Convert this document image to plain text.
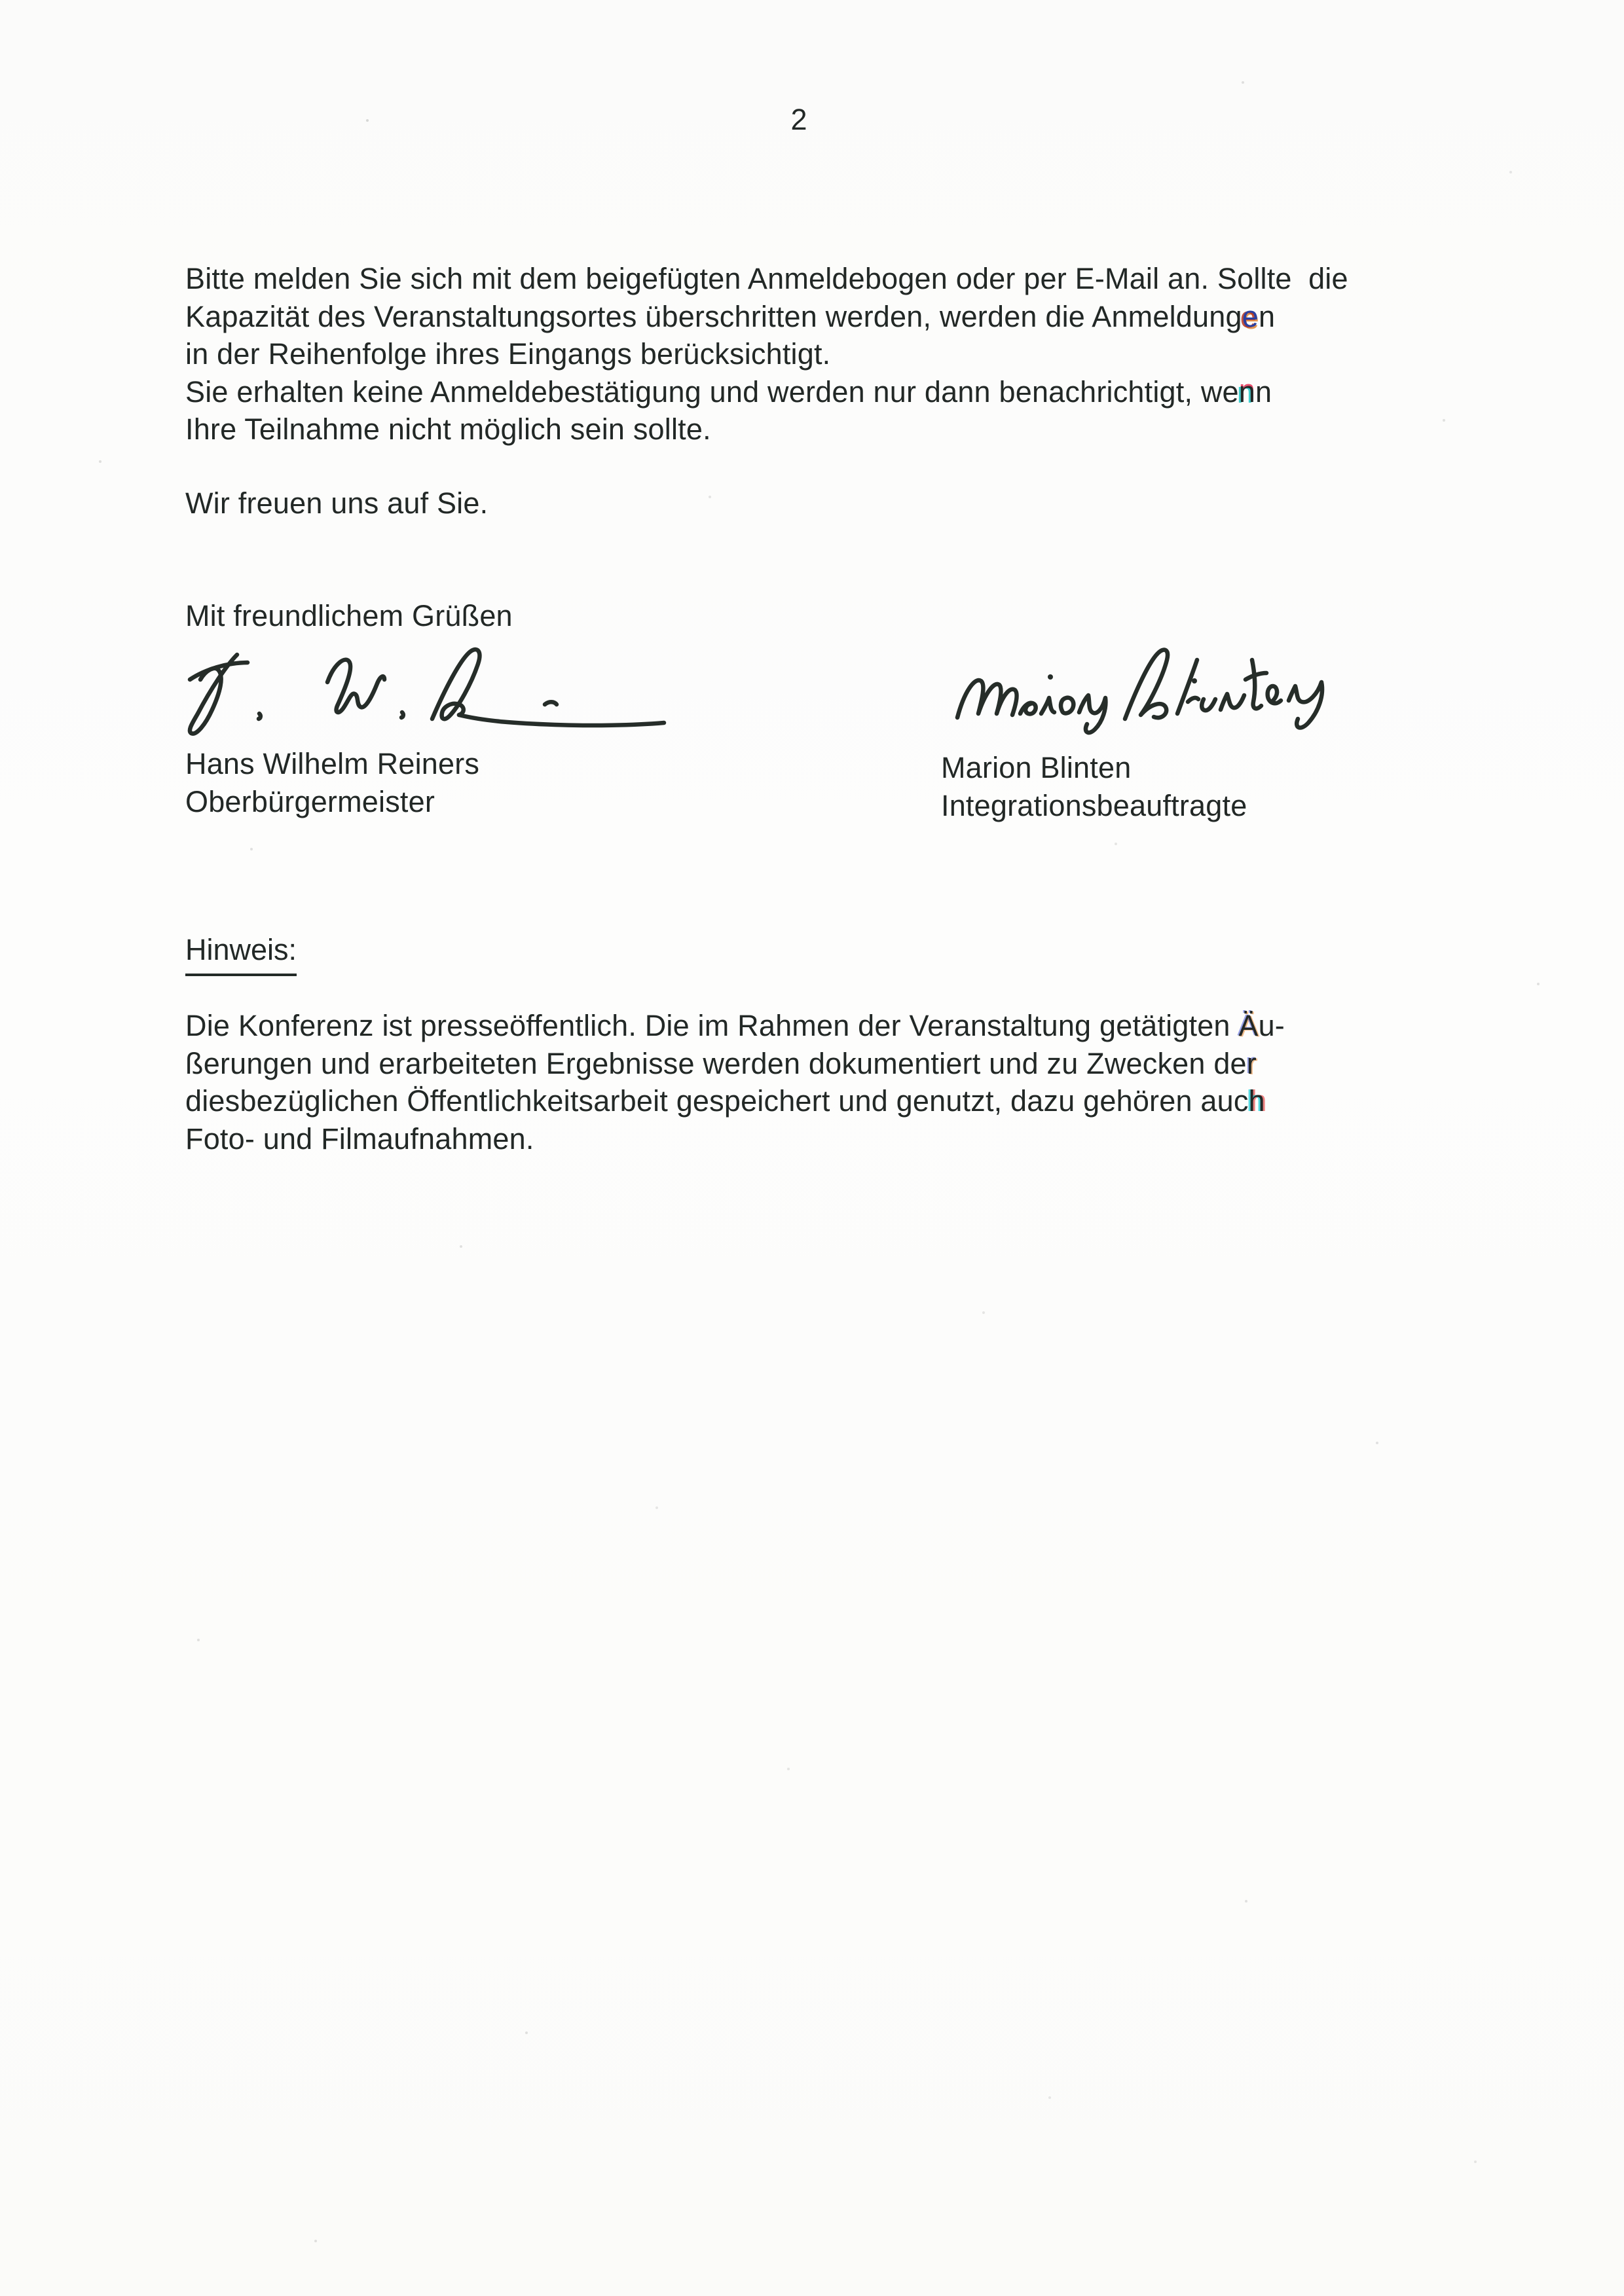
2
Bitte melden Sie sich mit dem beigefügten Anmeldebogen oder per E-Mail an. Sollte  die
Kapazität des Veranstaltungsortes überschritten werden, werden die Anmeldungen
in der Reihenfolge ihres Eingangs berücksichtigt.
Sie erhalten keine Anmeldebestätigung und werden nur dann benachrichtigt, wenn
Ihre Teilnahme nicht möglich sein sollte.
Wir freuen uns auf Sie.
Mit freundlichem Grüßen
Hans Wilhelm Reiners
Oberbürgermeister
Marion Blinten
Integrationsbeauftragte
Hinweis:
Die Konferenz ist presseöffentlich. Die im Rahmen der Veranstaltung getätigten Äu-
ßerungen und erarbeiteten Ergebnisse werden dokumentiert und zu Zwecken der
diesbezüglichen Öffentlichkeitsarbeit gespeichert und genutzt, dazu gehören auch
Foto- und Filmaufnahmen.
